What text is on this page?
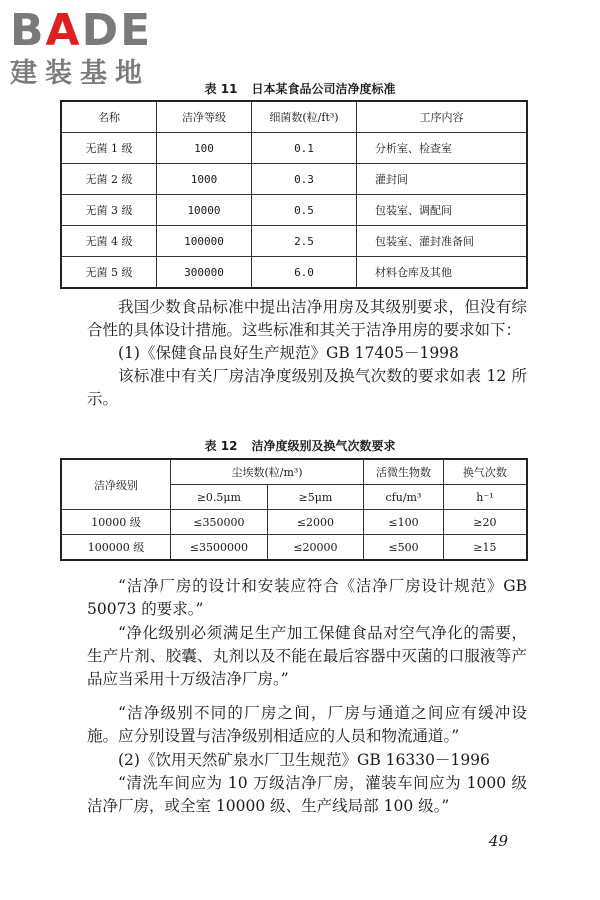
B A DE
建装基地	表 11 日本某食品公司洁净度标准
名称	洁净等级	细菌数(粒/ft³)	工序内容
无菌 1 级	100	0.1	分析室、检查室
无菌 2 级	1000	0.3	灌封间
无菌 3 级	10000	0.5	包装室、调配间
无菌 4 级	100000	2.5	包装室、灌封准备间
无菌 5 级	300000	6.0	材料仓库及其他

我国少数食品标准中提出洁净用房及其级别要求，但没有综合性的具体设计措施。这些标准和其关于洁净用房的要求如下：

(1)《保健食品良好生产规范》GB 17405－1998

该标准中有关厂房洁净度级别及换气次数的要求如表 12 所示。

表 12 洁净度级别及换气次数要求
洁净级别	尘埃数(粒/m³)		活微生物数	换气次数
	≥0.5μm	≥5μm	cfu/m³	h⁻¹
10000 级	≤350000	≤2000	≤100	≥20
100000 级	≤3500000	≤20000	≤500	≥15

“洁净厂房的设计和安装应符合《洁净厂房设计规范》GB 50073 的要求。”

“净化级别必须满足生产加工保健食品对空气净化的需要，生产片剂、胶囊、丸剂以及不能在最后容器中灭菌的口服液等产品应当采用十万级洁净厂房。”

“洁净级别不同的厂房之间，厂房与通道之间应有缓冲设施。应分别设置与洁净级别相适应的人员和物流通道。”

(2)《饮用天然矿泉水厂卫生规范》GB 16330－1996

“清洗车间应为 10 万级洁净厂房，灌装车间应为 1000 级洁净厂房，或全室 10000 级、生产线局部 100 级。”

49
